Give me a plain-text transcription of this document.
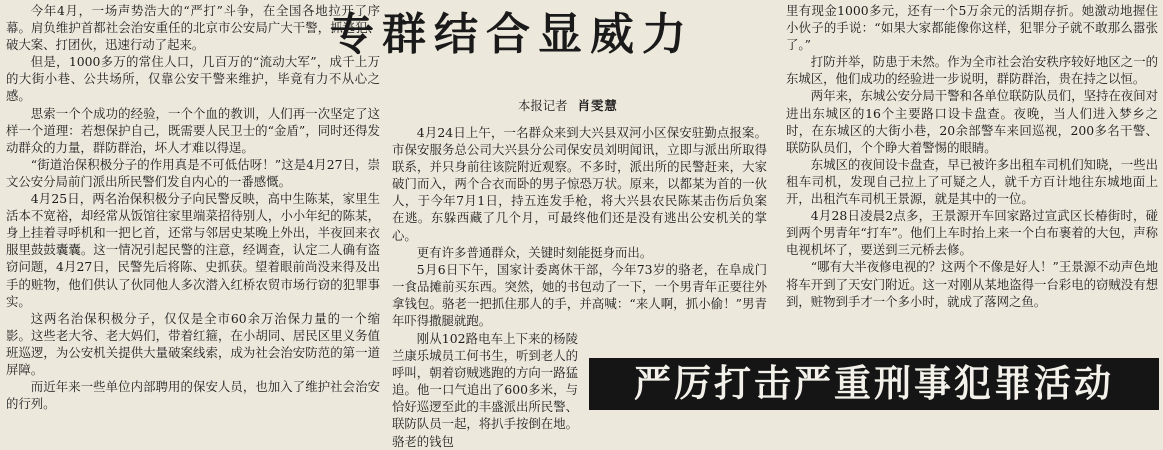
今年4月，一场声势浩大的“严打”斗争，在全国各地拉开了序幕。肩负维护首都社会治安重任的北京市公安局广大干警，抓逃犯、破大案、打团伙，迅速行动了起来。

但是，1000多万的常住人口，几百万的“流动大军”，成千上万的大街小巷、公共场所，仅靠公安干警来维护，毕竟有力不从心之感。

思索一个个成功的经验，一个个血的教训，人们再一次坚定了这样一个道理：若想保护自己，既需要人民卫士的“金盾”，同时还得发动群众的力量，群防群治，坏人才难以得逞。

“街道治保积极分子的作用真是不可低估呀！”这是4月27日，崇文公安分局前门派出所民警们发自内心的一番感慨。

4月25日，两名治保积极分子向民警反映，高中生陈某，家里生活本不宽裕，却经常从饭馆往家里端菜招待别人，小小年纪的陈某，身上挂着寻呼机和一把匕首，还常与邻居史某晚上外出，半夜回来衣服里鼓鼓囊囊。这一情况引起民警的注意，经调查，认定二人确有盗窃问题，4月27日，民警先后将陈、史抓获。望着眼前尚没来得及出手的赃物，他们供认了伙同他人多次潜入红桥农贸市场行窃的犯罪事实。

这两名治保积极分子，仅仅是全市60余万治保力量的一个缩影。这些老大爷、老大妈们，带着红箍，在小胡同、居民区里义务值班巡逻，为公安机关提供大量破案线索，成为社会治安防范的第一道屏障。

而近年来一些单位内部聘用的保安人员，也加入了维护社会治安的行列。

专群结合显威力
本报记者 肖雯慧

4月24日上午，一名群众来到大兴县双河小区保安驻勤点报案。市保安服务总公司大兴县分公司保安员刘明闻讯，立即与派出所取得联系，并只身前往该院附近观察。不多时，派出所的民警赶来，大家破门而入，两个合衣而卧的男子惊恐万状。原来，以都某为首的一伙人，于今年7月1日，持五连发手枪，将大兴县农民陈某击伤后负案在逃。东躲西藏了几个月，可最终他们还是没有逃出公安机关的掌心。

更有许多普通群众，关键时刻能挺身而出。

5月6日下午，国家计委离休干部，今年73岁的骆老，在阜成门一食品摊前买东西。突然，她的书包动了一下，一个男青年正要往外拿钱包。骆老一把抓住那人的手，并高喊：“来人啊，抓小偷！”男青年吓得撒腿就跑。

刚从102路电车上下来的杨陵兰康乐城员工何书生，听到老人的呼叫，朝着窃贼逃跑的方向一路猛追。他一口气追出了600多米，与恰好巡逻至此的丰盛派出所民警、联防队员一起，将扒手按倒在地。骆老的钱包

里有现金1000多元，还有一个5万余元的活期存折。她激动地握住小伙子的手说：“如果大家都能像你这样，犯罪分子就不敢那么嚣张了。”

打防并举，防患于未然。作为全市社会治安秩序较好地区之一的东城区，他们成功的经验进一步说明，群防群治，贵在持之以恒。

两年来，东城公安分局干警和各单位联防队员们，坚持在夜间对进出东城区的16个主要路口设卡盘查。夜晚，当人们进入梦乡之时，在东城区的大街小巷，20余部警车来回巡视，200多名干警、联防队员们，个个睁大着警惕的眼睛。

东城区的夜间设卡盘查，早已被许多出租车司机们知晓，一些出租车司机，发现自己拉上了可疑之人，就千方百计地往东城地面上开，出租汽车司机王景源，就是其中的一位。

4月28日凌晨2点多，王景源开车回家路过宣武区长椿街时，碰到两个男青年“打车”。他们上车时抬上来一个白布裹着的大包，声称电视机坏了，要送到三元桥去修。

“哪有大半夜修电视的？这两个不像是好人！”王景源不动声色地将车开到了天安门附近。这一对刚从某地盗得一台彩电的窃贼没有想到，赃物到手才一个多小时，就成了落网之鱼。

严厉打击严重刑事犯罪活动
